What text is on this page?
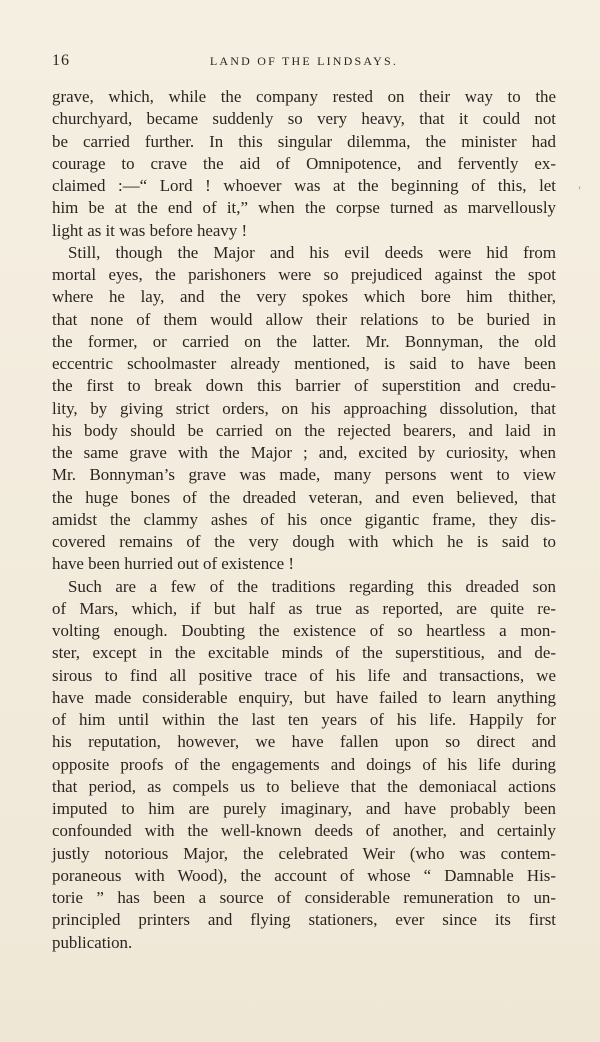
16	LAND OF THE LINDSAYS.
´
grave, which, while the company rested on their way to the
churchyard, became suddenly so very heavy, that it could not
be carried further. In this singular dilemma, the minister had
courage to crave the aid of Omnipotence, and fervently ex-
claimed :—“ Lord ! whoever was at the beginning of this, let
him be at the end of it,” when the corpse turned as marvellously
light as it was before heavy !
Still, though the Major and his evil deeds were hid from
mortal eyes, the parishoners were so prejudiced against the spot
where he lay, and the very spokes which bore him thither,
that none of them would allow their relations to be buried in
the former, or carried on the latter. Mr. Bonnyman, the old
eccentric schoolmaster already mentioned, is said to have been
the first to break down this barrier of superstition and credu-
lity, by giving strict orders, on his approaching dissolution, that
his body should be carried on the rejected bearers, and laid in
the same grave with the Major ; and, excited by curiosity, when
Mr. Bonnyman’s grave was made, many persons went to view
the huge bones of the dreaded veteran, and even believed, that
amidst the clammy ashes of his once gigantic frame, they dis-
covered remains of the very dough with which he is said to
have been hurried out of existence !
Such are a few of the traditions regarding this dreaded son
of Mars, which, if but half as true as reported, are quite re-
volting enough. Doubting the existence of so heartless a mon-
ster, except in the excitable minds of the superstitious, and de-
sirous to find all positive trace of his life and transactions, we
have made considerable enquiry, but have failed to learn anything
of him until within the last ten years of his life. Happily for
his reputation, however, we have fallen upon so direct and
opposite proofs of the engagements and doings of his life during
that period, as compels us to believe that the demoniacal actions
imputed to him are purely imaginary, and have probably been
confounded with the well-known deeds of another, and certainly
justly notorious Major, the celebrated Weir (who was contem-
poraneous with Wood), the account of whose “ Damnable His-
torie ” has been a source of considerable remuneration to un-
principled printers and flying stationers, ever since its first
publication.
